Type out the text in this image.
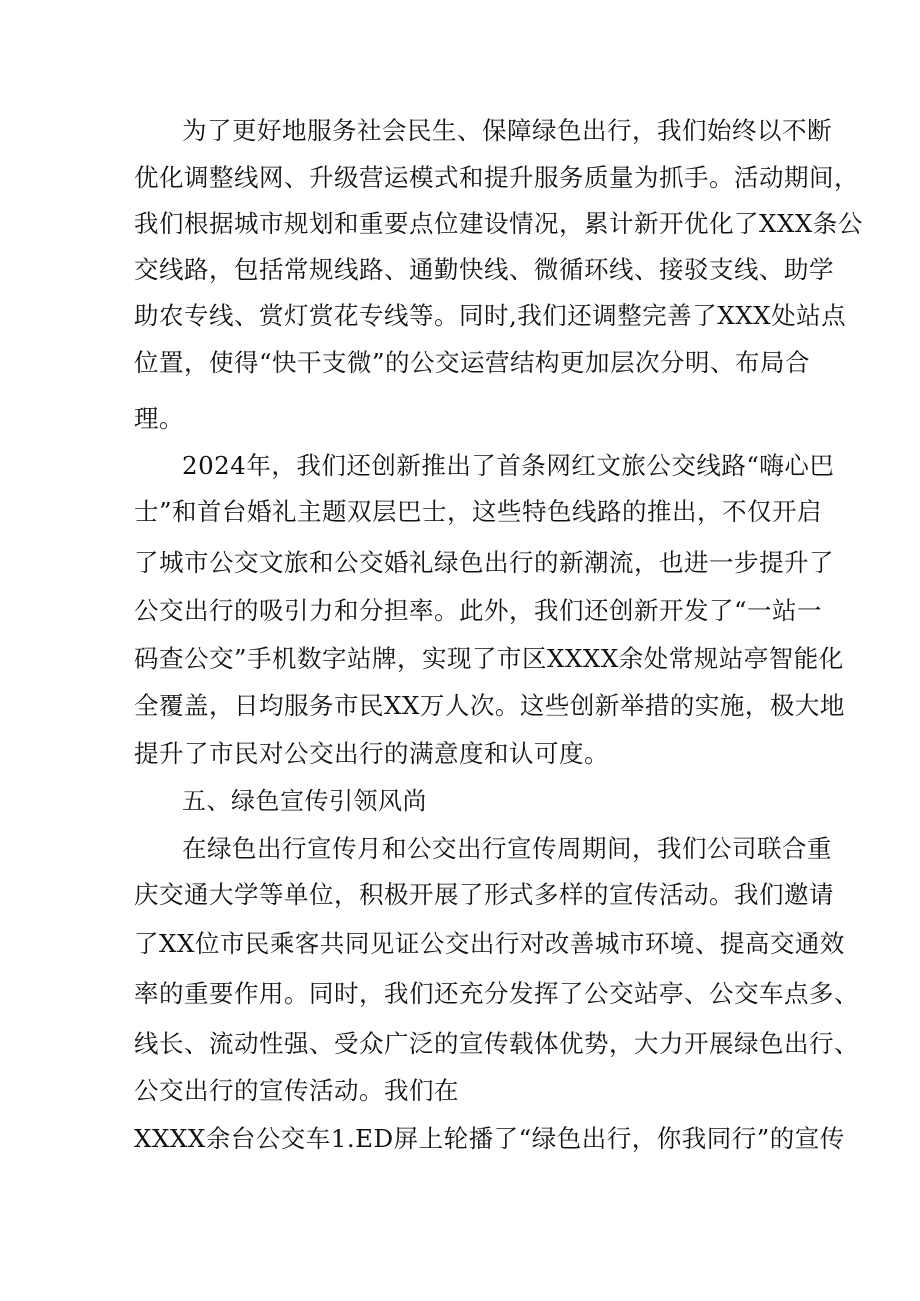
为了更好地服务社会民生、保障绿色出行，我们始终以不断

优化调整线网、升级营运模式和提升服务质量为抓手。活动期间，

我们根据城市规划和重要点位建设情况，累计新开优化了XXX条公

交线路，包括常规线路、通勤快线、微循环线、接驳支线、助学

助农专线、赏灯赏花专线等。同时,我们还调整完善了XXX处站点

位置，使得“快干支微”的公交运营结构更加层次分明、布局合

理。

2024年，我们还创新推出了首条网红文旅公交线路“嗨心巴

士”和首台婚礼主题双层巴士，这些特色线路的推出，不仅开启

了城市公交文旅和公交婚礼绿色出行的新潮流，也进一步提升了

公交出行的吸引力和分担率。此外，我们还创新开发了“一站一

码查公交”手机数字站牌，实现了市区XXXX余处常规站亭智能化

全覆盖，日均服务市民XX万人次。这些创新举措的实施，极大地

提升了市民对公交出行的满意度和认可度。

五、绿色宣传引领风尚

在绿色出行宣传月和公交出行宣传周期间，我们公司联合重

庆交通大学等单位，积极开展了形式多样的宣传活动。我们邀请

了XX位市民乘客共同见证公交出行对改善城市环境、提高交通效

率的重要作用。同时，我们还充分发挥了公交站亭、公交车点多、

线长、流动性强、受众广泛的宣传载体优势，大力开展绿色出行、

公交出行的宣传活动。我们在

XXXX余台公交车1.ED屏上轮播了“绿色出行，你我同行”的宣传
